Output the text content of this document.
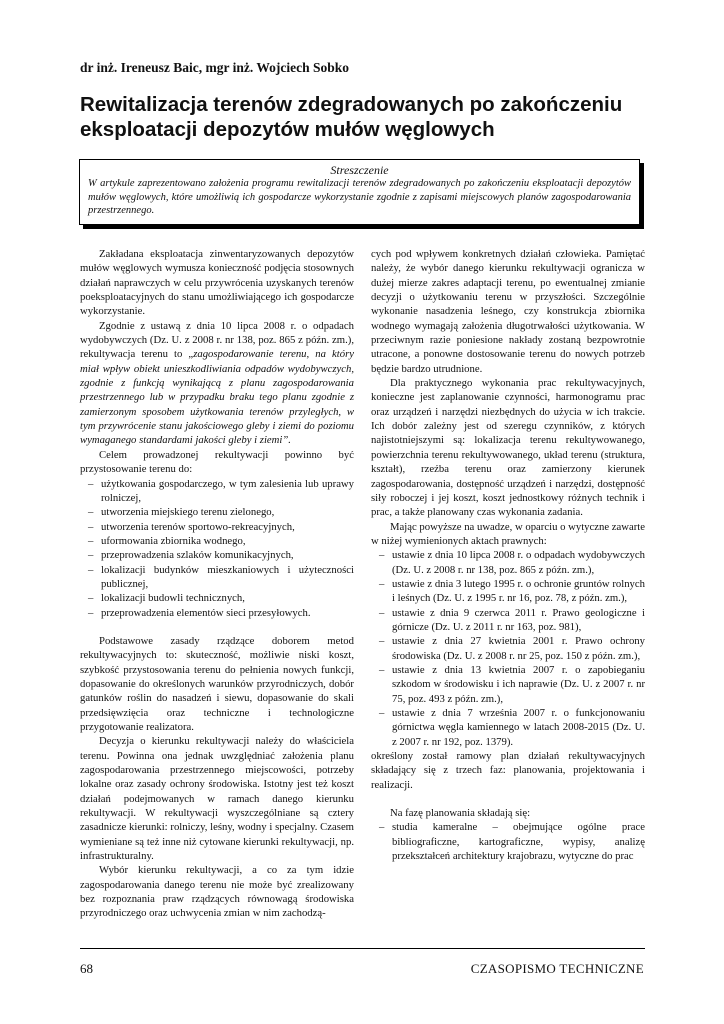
dr inż. Ireneusz Baic, mgr inż. Wojciech Sobko
Rewitalizacja terenów zdegradowanych po zakończeniu eksploatacji depozytów mułów węglowych
Streszczenie
W artykule zaprezentowano założenia programu rewitalizacji terenów zdegradowanych po zakończeniu eksploatacji depozytów mułów węglowych, które umożliwią ich gospodarcze wykorzystanie zgodnie z zapisami miejscowych planów zagospodarowania przestrzennego.

Zakładana eksploatacja zinwentaryzowanych depozytów mułów węglowych wymusza konieczność podjęcia stosownych działań naprawczych w celu przywrócenia uzyskanych terenów poeksploatacyjnych do stanu umożliwiającego ich gospodarcze wykorzystanie.

Zgodnie z ustawą z dnia 10 lipca 2008 r. o odpadach wydobywczych (Dz. U. z 2008 r. nr 138, poz. 865 z późn. zm.), rekultywacja terenu to „zagospodarowanie terenu, na który miał wpływ obiekt unieszkodliwiania odpadów wydobywczych, zgodnie z funkcją wynikającą z planu zagospodarowania przestrzennego lub w przypadku braku tego planu zgodnie z zamierzonym sposobem użytkowania terenów przyległych, w tym przywrócenie stanu jakościowego gleby i ziemi do poziomu wymaganego standardami jakości gleby i ziemi”.

Celem prowadzonej rekultywacji powinno być przystosowanie terenu do:

– użytkowania gospodarczego, w tym zalesienia lub uprawy rolniczej,
– utworzenia miejskiego terenu zielonego,
– utworzenia terenów sportowo-rekreacyjnych,
– uformowania zbiornika wodnego,
– przeprowadzenia szlaków komunikacyjnych,
– lokalizacji budynków mieszkaniowych i użyteczności publicznej,
– lokalizacji budowli technicznych,
– przeprowadzenia elementów sieci przesyłowych.

Podstawowe zasady rządzące doborem metod rekultywacyjnych to: skuteczność, możliwie niski koszt, szybkość przystosowania terenu do pełnienia nowych funkcji, dopasowanie do określonych warunków przyrodniczych, dobór gatunków roślin do nasadzeń i siewu, dopasowanie do skali przedsięwzięcia oraz techniczne i technologiczne przygotowanie realizatora.

Decyzja o kierunku rekultywacji należy do właściciela terenu. Powinna ona jednak uwzględniać założenia planu zagospodarowania przestrzennego miejscowości, potrzeby lokalne oraz zasady ochrony środowiska. Istotny jest też koszt działań podejmowanych w ramach danego kierunku rekultywacji. W rekultywacji wyszczególniane są cztery zasadnicze kierunki: rolniczy, leśny, wodny i specjalny. Czasem wymieniane są też inne niż cytowane kierunki rekultywacji, np. infrastrukturalny.

Wybór kierunku rekultywacji, a co za tym idzie zagospodarowania danego terenu nie może być zrealizowany bez rozpoznania praw rządzących równowagą środowiska przyrodniczego oraz uchwycenia zmian w nim zachodzą-

cych pod wpływem konkretnych działań człowieka. Pamiętać należy, że wybór danego kierunku rekultywacji ogranicza w dużej mierze zakres adaptacji terenu, po ewentualnej zmianie decyzji o użytkowaniu terenu w przyszłości. Szczególnie wykonanie nasadzenia leśnego, czy konstrukcja zbiornika wodnego wymagają założenia długotrwałości użytkowania. W przeciwnym razie poniesione nakłady zostaną bezpowrotnie utracone, a ponowne dostosowanie terenu do nowych potrzeb będzie bardzo utrudnione.

Dla praktycznego wykonania prac rekultywacyjnych, konieczne jest zaplanowanie czynności, harmonogramu prac oraz urządzeń i narzędzi niezbędnych do użycia w ich trakcie. Ich dobór zależny jest od szeregu czynników, z których najistotniejszymi są: lokalizacja terenu rekultywowanego, powierzchnia terenu rekultywowanego, układ terenu (struktura, kształt), rzeźba terenu oraz zamierzony kierunek zagospodarowania, dostępność urządzeń i narzędzi, dostępność siły roboczej i jej koszt, koszt jednostkowy różnych technik i prac, a także planowany czas wykonania zadania.

Mając powyższe na uwadze, w oparciu o wytyczne zawarte w niżej wymienionych aktach prawnych:

– ustawie z dnia 10 lipca 2008 r. o odpadach wydobywczych (Dz. U. z 2008 r. nr 138, poz. 865 z późn. zm.),
– ustawie z dnia 3 lutego 1995 r. o ochronie gruntów rolnych i leśnych (Dz. U. z 1995 r. nr 16, poz. 78, z późn. zm.),
– ustawie z dnia 9 czerwca 2011 r. Prawo geologiczne i górnicze (Dz. U. z 2011 r. nr 163, poz. 981),
– ustawie z dnia 27 kwietnia 2001 r. Prawo ochrony środowiska (Dz. U. z 2008 r. nr 25, poz. 150 z późn. zm.),
– ustawie z dnia 13 kwietnia 2007 r. o zapobieganiu szkodom w środowisku i ich naprawie (Dz. U. z 2007 r. nr 75, poz. 493 z późn. zm.),
– ustawie z dnia 7 września 2007 r. o funkcjonowaniu górnictwa węgla kamiennego w latach 2008-2015 (Dz. U. z 2007 r. nr 192, poz. 1379).

określony został ramowy plan działań rekultywacyjnych składający się z trzech faz: planowania, projektowania i realizacji.

Na fazę planowania składają się:

– studia kameralne – obejmujące ogólne prace bibliograficzne, kartograficzne, wypisy, analizę przekształceń architektury krajobrazu, wytyczne do prac
68	CZASOPISMO TECHNICZNE
